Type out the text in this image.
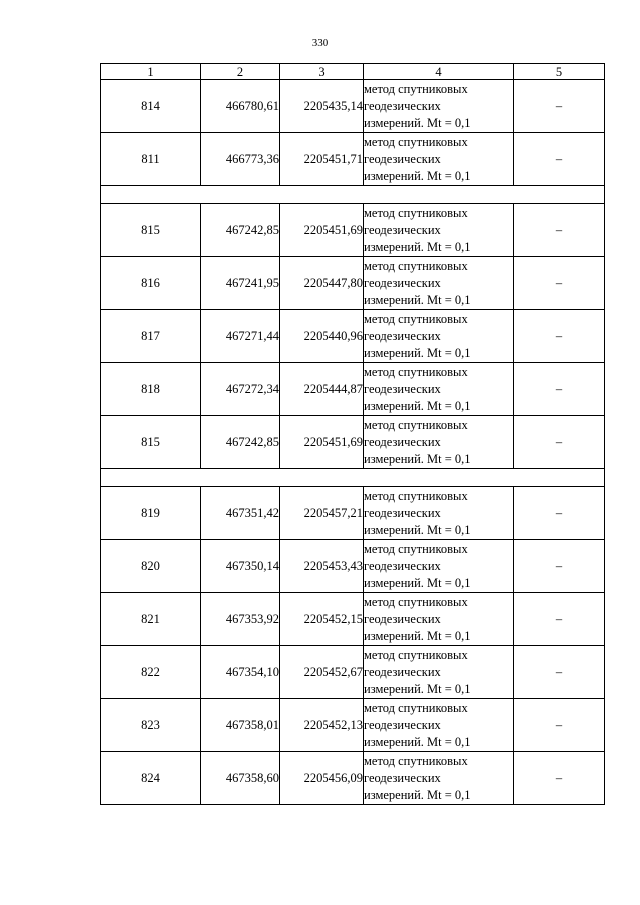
330
1	2	3	4	5
814	466780,61	2205435,14	метод спутниковых
геодезических
измерений. Mt = 0,1	–
811	466773,36	2205451,71	метод спутниковых
геодезических
измерений. Mt = 0,1	–

815	467242,85	2205451,69	метод спутниковых
геодезических
измерений. Mt = 0,1	–
816	467241,95	2205447,80	метод спутниковых
геодезических
измерений. Mt = 0,1	–
817	467271,44	2205440,96	метод спутниковых
геодезических
измерений. Mt = 0,1	–
818	467272,34	2205444,87	метод спутниковых
геодезических
измерений. Mt = 0,1	–
815	467242,85	2205451,69	метод спутниковых
геодезических
измерений. Mt = 0,1	–

819	467351,42	2205457,21	метод спутниковых
геодезических
измерений. Mt = 0,1	–
820	467350,14	2205453,43	метод спутниковых
геодезических
измерений. Mt = 0,1	–
821	467353,92	2205452,15	метод спутниковых
геодезических
измерений. Mt = 0,1	–
822	467354,10	2205452,67	метод спутниковых
геодезических
измерений. Mt = 0,1	–
823	467358,01	2205452,13	метод спутниковых
геодезических
измерений. Mt = 0,1	–
824	467358,60	2205456,09	метод спутниковых
геодезических
измерений. Mt = 0,1	–
